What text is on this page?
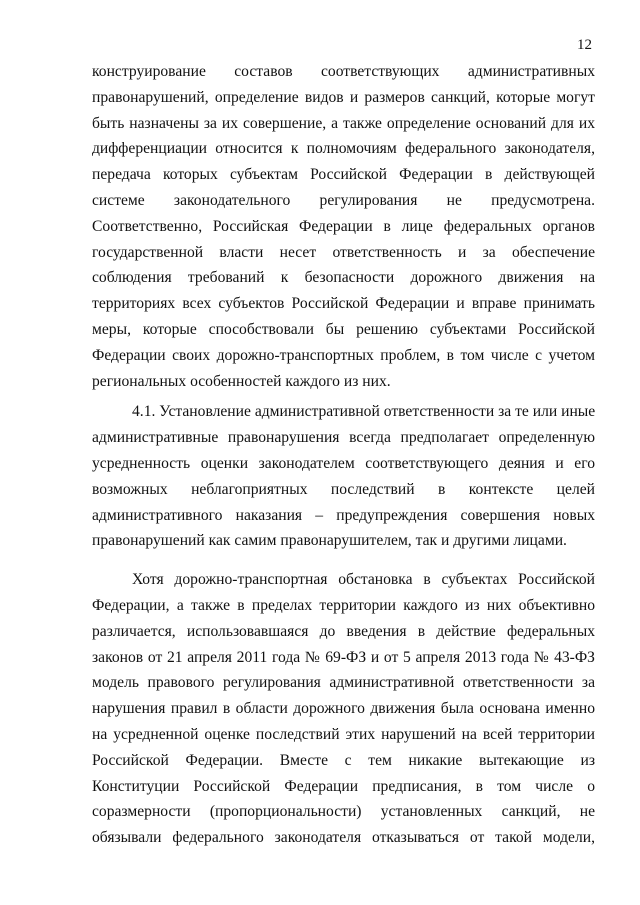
12
конструирование составов соответствующих административных
правонарушений, определение видов и размеров санкций, которые могут
быть назначены за их совершение, а также определение оснований для их
дифференциации относится к полномочиям федерального законодателя,
передача которых субъектам Российской Федерации в действующей
системе законодательного регулирования не предусмотрена.
Соответственно, Российская Федерации в лице федеральных органов
государственной власти несет ответственность и за обеспечение
соблюдения требований к безопасности дорожного движения на
территориях всех субъектов Российской Федерации и вправе принимать
меры, которые способствовали бы решению субъектами Российской
Федерации своих дорожно-транспортных проблем, в том числе с учетом
региональных особенностей каждого из них.
4.1. Установление административной ответственности за те или иные
административные правонарушения всегда предполагает определенную
усредненность оценки законодателем соответствующего деяния и его
возможных неблагоприятных последствий в контексте целей
административного наказания – предупреждения совершения новых
правонарушений как самим правонарушителем, так и другими лицами.
Хотя дорожно-транспортная обстановка в субъектах Российской
Федерации, а также в пределах территории каждого из них объективно
различается, использовавшаяся до введения в действие федеральных
законов от 21 апреля 2011 года № 69-ФЗ и от 5 апреля 2013 года № 43-ФЗ
модель правового регулирования административной ответственности за
нарушения правил в области дорожного движения была основана именно
на усредненной оценке последствий этих нарушений на всей территории
Российской Федерации. Вместе с тем никакие вытекающие из
Конституции Российской Федерации предписания, в том числе о
соразмерности (пропорциональности) установленных санкций, не
обязывали федерального законодателя отказываться от такой модели,
